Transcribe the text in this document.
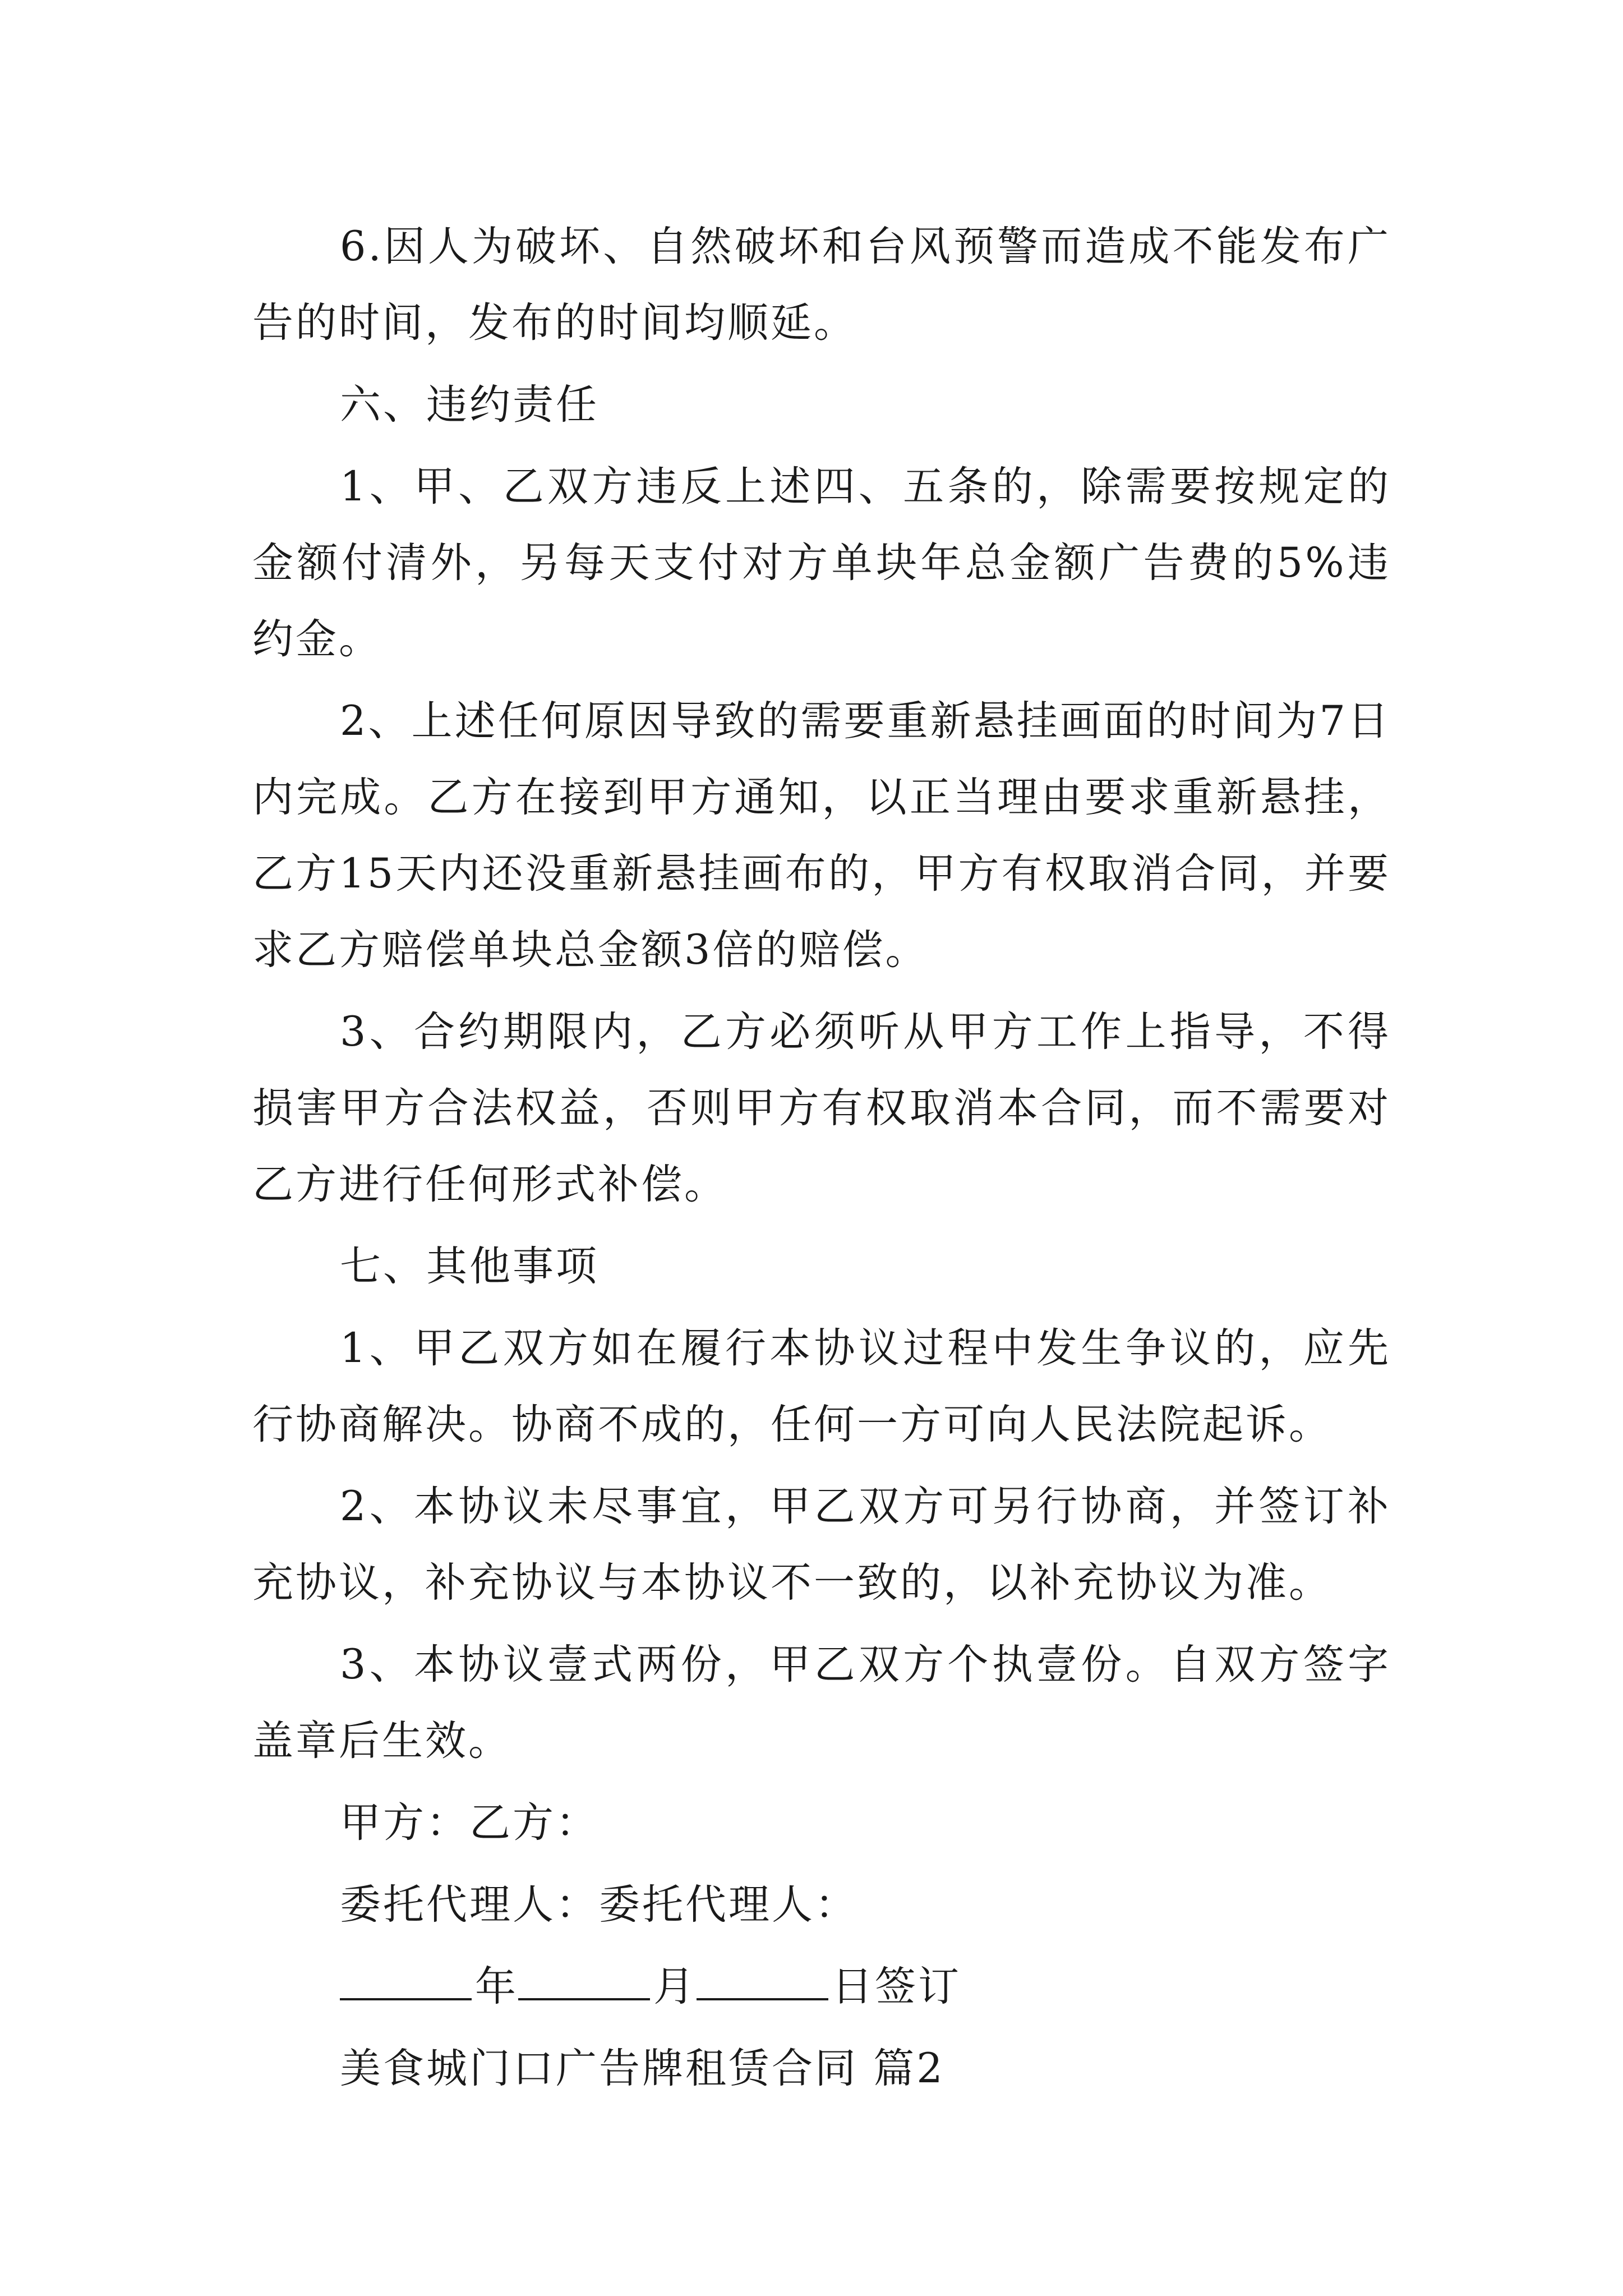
6.因人为破坏、自然破坏和台风预警而造成不能发布广告的时间，发布的时间均顺延。

六、违约责任

1、甲、乙双方违反上述四、五条的，除需要按规定的金额付清外，另每天支付对方单块年总金额广告费的5%违约金。

2、上述任何原因导致的需要重新悬挂画面的时间为7日内完成。乙方在接到甲方通知，以正当理由要求重新悬挂，乙方15天内还没重新悬挂画布的，甲方有权取消合同，并要求乙方赔偿单块总金额3倍的赔偿。

3、合约期限内，乙方必须听从甲方工作上指导，不得损害甲方合法权益，否则甲方有权取消本合同，而不需要对乙方进行任何形式补偿。

七、其他事项

1、甲乙双方如在履行本协议过程中发生争议的，应先行协商解决。协商不成的，任何一方可向人民法院起诉。

2、本协议未尽事宜，甲乙双方可另行协商，并签订补充协议，补充协议与本协议不一致的，以补充协议为准。

3、本协议壹式两份，甲乙双方个执壹份。自双方签字盖章后生效。

甲方：乙方：

委托代理人：委托代理人：

年	月	日签订

美食城门口广告牌租赁合同 篇2
